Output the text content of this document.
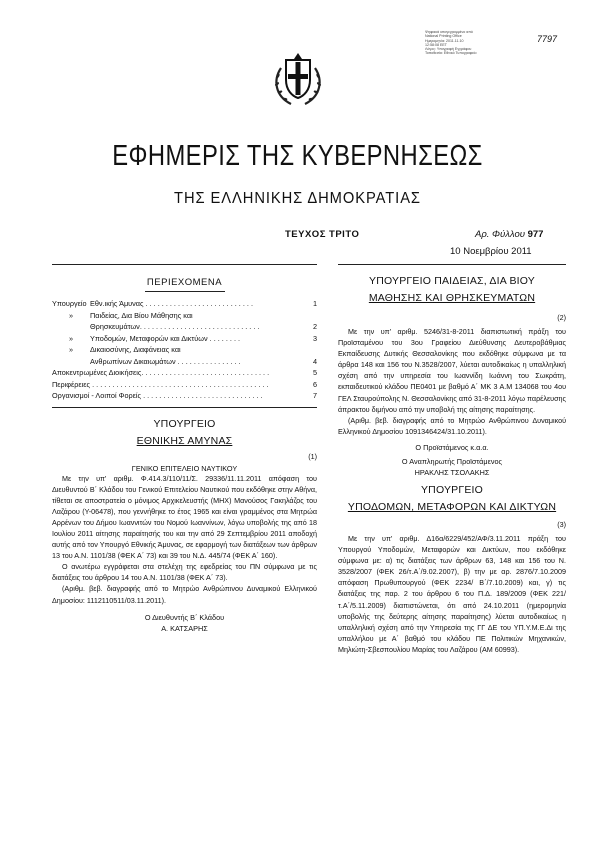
Ψηφιακά υπογεγραμμένο από
National Printing Office
Ημερομηνία: 2011.11.10
12:58:08 EET
Λόγος: Υπογραφή Εγγράφου
Τοποθεσία: Εθνικό Τυπογραφείο
7797
ΕΦΗΜΕΡΙΣ ΤΗΣ ΚΥΒΕΡΝΗΣΕΩΣ
ΤΗΣ ΕΛΛΗΝΙΚΗΣ ΔΗΜΟΚΡΑΤΙΑΣ
ΤΕΥΧΟΣ ΤΡΙΤΟ	Αρ. Φύλλου 977
10 Νοεμβρίου 2011
ΠΕΡΙΕΧΟΜΕΝΑ
Υπουργείο Εθν.ικής Άμυνας . . . . . . . . . . . . . . . . . . . . . . . . . . .	1
»	Παιδείας, Δια Βίου Μάθησης και
Θρησκευμάτων. . . . . . . . . . . . . . . . . . . . . . . . . . . . . .	2
»	Υποδομών, Μεταφορών και Δικτύων . . . . . . . .	3
»	Δικαιοσύνης, Διαφάνειας και
Ανθρωπίνων Δικαιωμάτων . . . . . . . . . . . . . . . .	4
Αποκεντρωμένες Διοικήσεις. . . . . . . . . . . . . . . . . . . . . . . . . . . . . . . .	5
Περιφέρειες . . . . . . . . . . . . . . . . . . . . . . . . . . . . . . . . . . . . . . . . . . . .	6
Οργανισμοί - Λοιποί Φορείς . . . . . . . . . . . . . . . . . . . . . . . . . . . . . .	7
ΥΠΟΥΡΓΕΙΟ
ΕΘΝΙΚΗΣ ΑΜΥΝΑΣ
(1)
ΓΕΝΙΚΟ ΕΠΙΤΕΛΕΙΟ ΝΑΥΤΙΚΟΥ

Με την υπ' αριθμ. Φ.414.3/110/11/Σ. 29336/11.11.2011 απόφαση του Διευθυντού Β΄ Κλάδου του Γενικού Επιτελείου Ναυτικού που εκδόθηκε στην Αθήνα, τίθεται σε αποστρατεία ο μόνιμος Αρχικελευστής (ΜΗΧ) Μανούσος Γακηλάζος του Λαζάρου (Υ-06478), που γεννήθηκε το έτος 1965 και είναι γραμμένος στα Μητρώα Αρρένων του Δήμου Ιωαννιτών του Νομού Ιωαννίνων, λόγω υποβολής της από 18 Ιουλίου 2011 αίτησης παραίτησής του και την από 29 Σεπτεμβρίου 2011 αποδοχή αυτής από τον Υπουργό Εθνικής Άμυνας, σε εφαρμογή των διατάξεων των άρθρων 13 του Α.Ν. 1101/38 (ΦΕΚ Α΄ 73) και 39 του Ν.Δ. 445/74 (ΦΕΚ Α΄ 160).

Ο ανωτέρω εγγράφεται στα στελέχη της εφεδρείας του ΠΝ σύμφωνα με τις διατάξεις του άρθρου 14 του Α.Ν. 1101/38 (ΦΕΚ Α΄ 73).

(Αριθμ. βεβ. διαγραφής από το Μητρώο Ανθρώπινου Δυναμικού Ελληνικού Δημοσίου: 1112110511/03.11.2011).

Ο Διευθυντής Β΄ Κλάδου
Α. ΚΑΤΣΑΡΗΣ
ΥΠΟΥΡΓΕΙΟ ΠΑΙΔΕΙΑΣ, ΔΙΑ ΒΙΟΥ
ΜΑΘΗΣΗΣ ΚΑΙ ΘΡΗΣΚΕΥΜΑΤΩΝ
(2)

Με την υπ' αριθμ. 5246/31-8-2011 διαπιστωτική πράξη του Προϊσταμένου του 3ου Γραφείου Διεύθυνσης Δευτεροβάθμιας Εκπαίδευσης Δυτικής Θεσσαλονίκης που εκδόθηκε σύμφωνα με τα άρθρα 148 και 156 του Ν.3528/2007, λύεται αυτοδικαίως η υπαλληλική σχέση από την υπηρεσία του Ιωαννίδη Ιωάννη του Σωκράτη, εκπαιδευτικού κλάδου ΠΕ0401 με βαθμό Α΄ ΜΚ 3 Α.Μ 134068 του 4ου ΓΕΛ Σταυρούπολης Ν. Θεσσαλονίκης από 31-8-2011 λόγω παρέλευσης άπρακτου διμήνου από την υποβολή της αίτησης παραίτησης.

(Αριθμ. βεβ. διαγραφής από το Μητρώο Ανθρώπινου Δυναμικού Ελληνικού Δημοσίου 1091346424/31.10.2011).

Ο Προϊστάμενος κ.α.α.
Ο Αναπληρωτής Προϊστάμενος
ΗΡΑΚΛΗΣ ΤΣΟΛΑΚΗΣ
ΥΠΟΥΡΓΕΙΟ
ΥΠΟΔΟΜΩΝ, ΜΕΤΑΦΟΡΩΝ ΚΑΙ ΔΙΚΤΥΩΝ
(3)

Με την υπ' αριθμ. Δ16α/6229/452/ΑΦ/3.11.2011 πράξη του Υπουργού Υποδομών, Μεταφορών και Δικτύων, που εκδόθηκε σύμφωνα με: α) τις διατάξεις των άρθρων 63, 148 και 156 του Ν. 3528/2007 (ΦΕΚ 26/τ.Α΄/9.02.2007), β) την με αρ. 2876/7.10.2009 απόφαση Πρωθυπουργού (ΦΕΚ 2234/ Β΄/7.10.2009) και, γ) τις διατάξεις της παρ. 2 του άρθρου 6 του Π.Δ. 189/2009 (ΦΕΚ 221/τ.Α΄/5.11.2009) διαπιστώνεται, ότι από 24.10.2011 (ημερομηνία υποβολής της δεύτερης αίτησης παραίτησης) λύεται αυτοδικαίως η υπαλληλική σχέση από την Υπηρεσία της ΓΓ ΔΕ του ΥΠ.Υ.Μ.Ε.Δι της υπαλλήλου με Α΄ βαθμό του κλάδου ΠΕ Πολιτικών Μηχανικών, Μηλιώτη-Σβεσπουλίου Μαρίας του Λαζάρου (ΑΜ 60993).
